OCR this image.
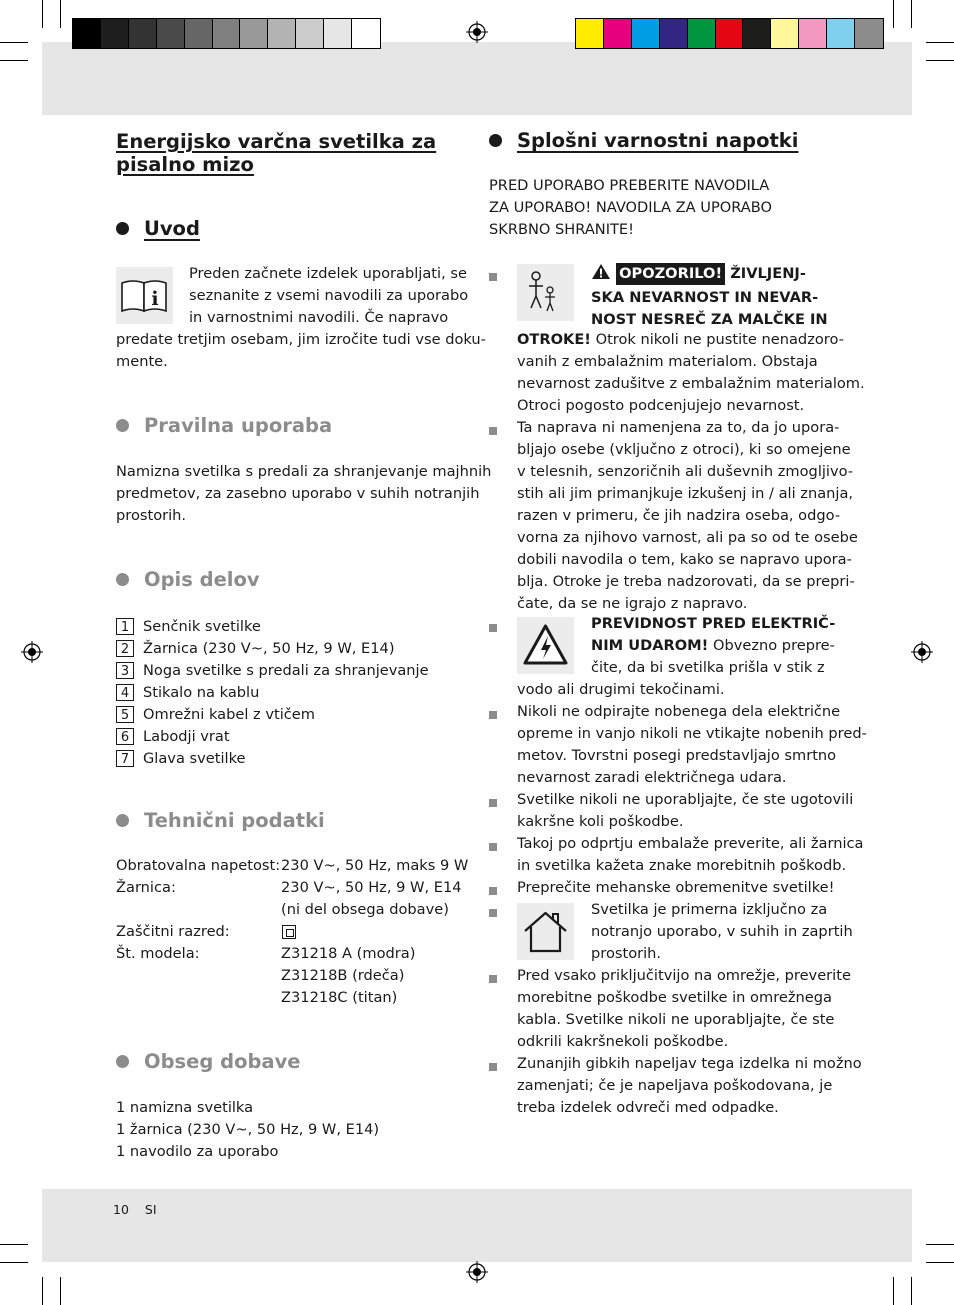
Energijsko varčna svetilka za
pisalno mizo
Uvod
i
Preden začnete izdelek uporabljati, se
seznanite z vsemi navodili za uporabo
in varnostnimi navodili. Če napravo
predate tretjim osebam, jim izročite tudi vse doku-
mente.
Pravilna uporaba
Namizna svetilka s predali za shranjevanje majhnih
predmetov, za zasebno uporabo v suhih notranjih
prostorih.
Opis delov
1 Senčnik svetilke
2 Žarnica (230 V~, 50 Hz, 9 W, E14)
3 Noga svetilke s predali za shranjevanje
4 Stikalo na kablu
5 Omrežni kabel z vtičem
6 Labodji vrat
7 Glava svetilke
Tehnični podatki
Obratovalna napetost:
Žarnica:
Zaščitni razred:
Št. modela:
230 V~, 50 Hz, maks 9 W
230 V~, 50 Hz, 9 W, E14
(ni del obsega dobave)
Z31218 A (modra)
Z31218B (rdeča)
Z31218C (titan)
Obseg dobave
1 namizna svetilka
1 žarnica (230 V~, 50 Hz, 9 W, E14)
1 navodilo za uporabo
Splošni varnostni napotki
PRED UPORABO PREBERITE NAVODILA
ZA UPORABO! NAVODILA ZA UPORABO
SKRBNO SHRANITE!
OPOZORILO! ŽIVLJENJ-
SKA NEVARNOST IN NEVAR-
NOST NESREČ ZA MALČKE IN
OTROKE! Otrok nikoli ne pustite nenadzoro-
vanih z embalažnim materialom. Obstaja
nevarnost zadušitve z embalažnim materialom.
Otroci pogosto podcenjujejo nevarnost.
Ta naprava ni namenjena za to, da jo upora-
bljajo osebe (vključno z otroci), ki so omejene
v telesnih, senzoričnih ali duševnih zmogljivo-
stih ali jim primanjkuje izkušenj in / ali znanja,
razen v primeru, če jih nadzira oseba, odgo-
vorna za njihovo varnost, ali pa so od te osebe
dobili navodila o tem, kako se napravo upora-
blja. Otroke je treba nadzorovati, da se prepri-
čate, da se ne igrajo z napravo.
PREVIDNOST PRED ELEKTRIČ-
NIM UDAROM! Obvezno prepre-
čite, da bi svetilka prišla v stik z
vodo ali drugimi tekočinami.
Nikoli ne odpirajte nobenega dela električne
opreme in vanjo nikoli ne vtikajte nobenih pred-
metov. Tovrstni posegi predstavljajo smrtno
nevarnost zaradi električnega udara.
Svetilke nikoli ne uporabljajte, če ste ugotovili
kakršne koli poškodbe.
Takoj po odprtju embalaže preverite, ali žarnica
in svetilka kažeta znake morebitnih poškodb.
Preprečite mehanske obremenitve svetilke!
Svetilka je primerna izključno za
notranjo uporabo, v suhih in zaprtih
prostorih.
Pred vsako priključitvijo na omrežje, preverite
morebitne poškodbe svetilke in omrežnega
kabla. Svetilke nikoli ne uporabljajte, če ste
odkrili kakršnekoli poškodbe.
Zunanjih gibkih napeljav tega izdelka ni možno
zamenjati; če je napeljava poškodovana, je
treba izdelek odvreči med odpadke.
10 SI
